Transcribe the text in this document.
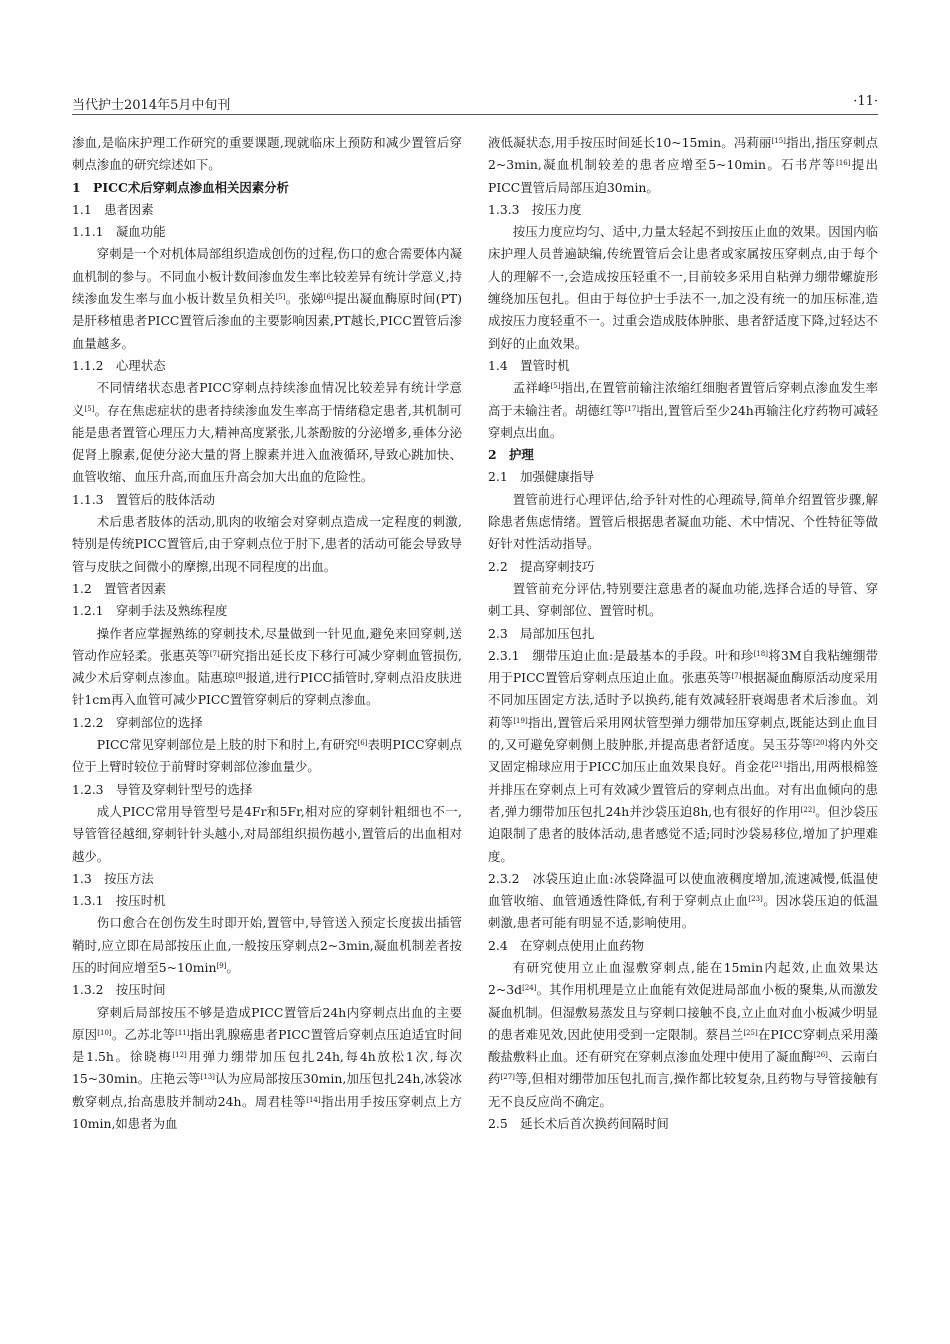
当代护士2014年5月中旬刊	·11·

渗血,是临床护理工作研究的重要课题,现就临床上预防和减少置管后穿刺点渗血的研究综述如下。

1　PICC术后穿刺点渗血相关因素分析

1.1　患者因素

1.1.1　凝血功能

穿刺是一个对机体局部组织造成创伤的过程,伤口的愈合需要体内凝血机制的参与。不同血小板计数间渗血发生率比较差异有统计学意义,持续渗血发生率与血小板计数呈负相关[5]。张娣[6]提出凝血酶原时间(PT)是肝移植患者PICC置管后渗血的主要影响因素,PT越长,PICC置管后渗血量越多。

1.1.2　心理状态

不同情绪状态患者PICC穿刺点持续渗血情况比较差异有统计学意义[5]。存在焦虑症状的患者持续渗血发生率高于情绪稳定患者,其机制可能是患者置管心理压力大,精神高度紧张,儿茶酚胺的分泌增多,垂体分泌促肾上腺素,促使分泌大量的肾上腺素并进入血液循环,导致心跳加快、血管收缩、血压升高,而血压升高会加大出血的危险性。

1.1.3　置管后的肢体活动

术后患者肢体的活动,肌肉的收缩会对穿刺点造成一定程度的刺激,特别是传统PICC置管后,由于穿刺点位于肘下,患者的活动可能会导致导管与皮肤之间微小的摩擦,出现不同程度的出血。

1.2　置管者因素

1.2.1　穿刺手法及熟练程度

操作者应掌握熟练的穿刺技术,尽量做到一针见血,避免来回穿刺,送管动作应轻柔。张惠英等[7]研究指出延长皮下移行可减少穿刺血管损伤,减少术后穿刺点渗血。陆惠琼[8]报道,进行PICC插管时,穿刺点沿皮肤进针1cm再入血管可减少PICC置管穿刺后的穿刺点渗血。

1.2.2　穿刺部位的选择

PICC常见穿刺部位是上肢的肘下和肘上,有研究[6]表明PICC穿刺点位于上臂时较位于前臂时穿刺部位渗血量少。

1.2.3　导管及穿刺针型号的选择

成人PICC常用导管型号是4Fr和5Fr,相对应的穿刺针粗细也不一,导管管径越细,穿刺针针头越小,对局部组织损伤越小,置管后的出血相对越少。

1.3　按压方法

1.3.1　按压时机

伤口愈合在创伤发生时即开始,置管中,导管送入预定长度拔出插管鞘时,应立即在局部按压止血,一般按压穿刺点2~3min,凝血机制差者按压的时间应增至5~10min[9]。

1.3.2　按压时间

穿刺后局部按压不够是造成PICC置管后24h内穿刺点出血的主要原因[10]。乙苏北等[11]指出乳腺癌患者PICC置管后穿刺点压迫适宜时间是1.5h。徐晓梅[12]用弹力绷带加压包扎24h,每4h放松1次,每次15~30min。庄艳云等[13]认为应局部按压30min,加压包扎24h,冰袋冰敷穿刺点,抬高患肢并制动24h。周君桂等[14]指出用手按压穿刺点上方10min,如患者为血

液低凝状态,用手按压时间延长10~15min。冯莉丽[15]指出,指压穿刺点2~3min,凝血机制较差的患者应增至5~10min。石书芹等[16]提出PICC置管后局部压迫30min。

1.3.3　按压力度

按压力度应均匀、适中,力量太轻起不到按压止血的效果。因国内临床护理人员普遍缺编,传统置管后会让患者或家属按压穿刺点,由于每个人的理解不一,会造成按压轻重不一,目前较多采用自粘弹力绷带螺旋形缠绕加压包扎。但由于每位护士手法不一,加之没有统一的加压标准,造成按压力度轻重不一。过重会造成肢体肿胀、患者舒适度下降,过轻达不到好的止血效果。

1.4　置管时机

孟祥峰[5]指出,在置管前输注浓缩红细胞者置管后穿刺点渗血发生率高于未输注者。胡德红等[17]指出,置管后至少24h再输注化疗药物可减轻穿刺点出血。

2　护理

2.1　加强健康指导

置管前进行心理评估,给予针对性的心理疏导,简单介绍置管步骤,解除患者焦虑情绪。置管后根据患者凝血功能、术中情况、个性特征等做好针对性活动指导。

2.2　提高穿刺技巧

置管前充分评估,特别要注意患者的凝血功能,选择合适的导管、穿刺工具、穿刺部位、置管时机。

2.3　局部加压包扎

2.3.1　绷带压迫止血:是最基本的手段。叶和珍[18]将3M自我粘缠绷带用于PICC置管后穿刺点压迫止血。张惠英等[7]根据凝血酶原活动度采用不同加压固定方法,适时予以换药,能有效减轻肝衰竭患者术后渗血。刘莉等[19]指出,置管后采用网状管型弹力绷带加压穿刺点,既能达到止血目的,又可避免穿刺侧上肢肿胀,并提高患者舒适度。吴玉芬等[20]将内外交叉固定棉球应用于PICC加压止血效果良好。肖金花[21]指出,用两根棉签并排压在穿刺点上可有效减少置管后的穿刺点出血。对有出血倾向的患者,弹力绷带加压包扎24h并沙袋压迫8h,也有很好的作用[22]。但沙袋压迫限制了患者的肢体活动,患者感觉不适;同时沙袋易移位,增加了护理难度。

2.3.2　冰袋压迫止血:冰袋降温可以使血液稠度增加,流速减慢,低温使血管收缩、血管通透性降低,有利于穿刺点止血[23]。因冰袋压迫的低温刺激,患者可能有明显不适,影响使用。

2.4　在穿刺点使用止血药物

有研究使用立止血湿敷穿刺点,能在15min内起效,止血效果达2~3d[24]。其作用机理是立止血能有效促进局部血小板的聚集,从而激发凝血机制。但湿敷易蒸发且与穿刺口接触不良,立止血对血小板减少明显的患者难见效,因此使用受到一定限制。蔡昌兰[25]在PICC穿刺点采用藻酸盐敷料止血。还有研究在穿刺点渗血处理中使用了凝血酶[26]、云南白药[27]等,但相对绷带加压包扎而言,操作都比较复杂,且药物与导管接触有无不良反应尚不确定。

2.5　延长术后首次换药间隔时间
